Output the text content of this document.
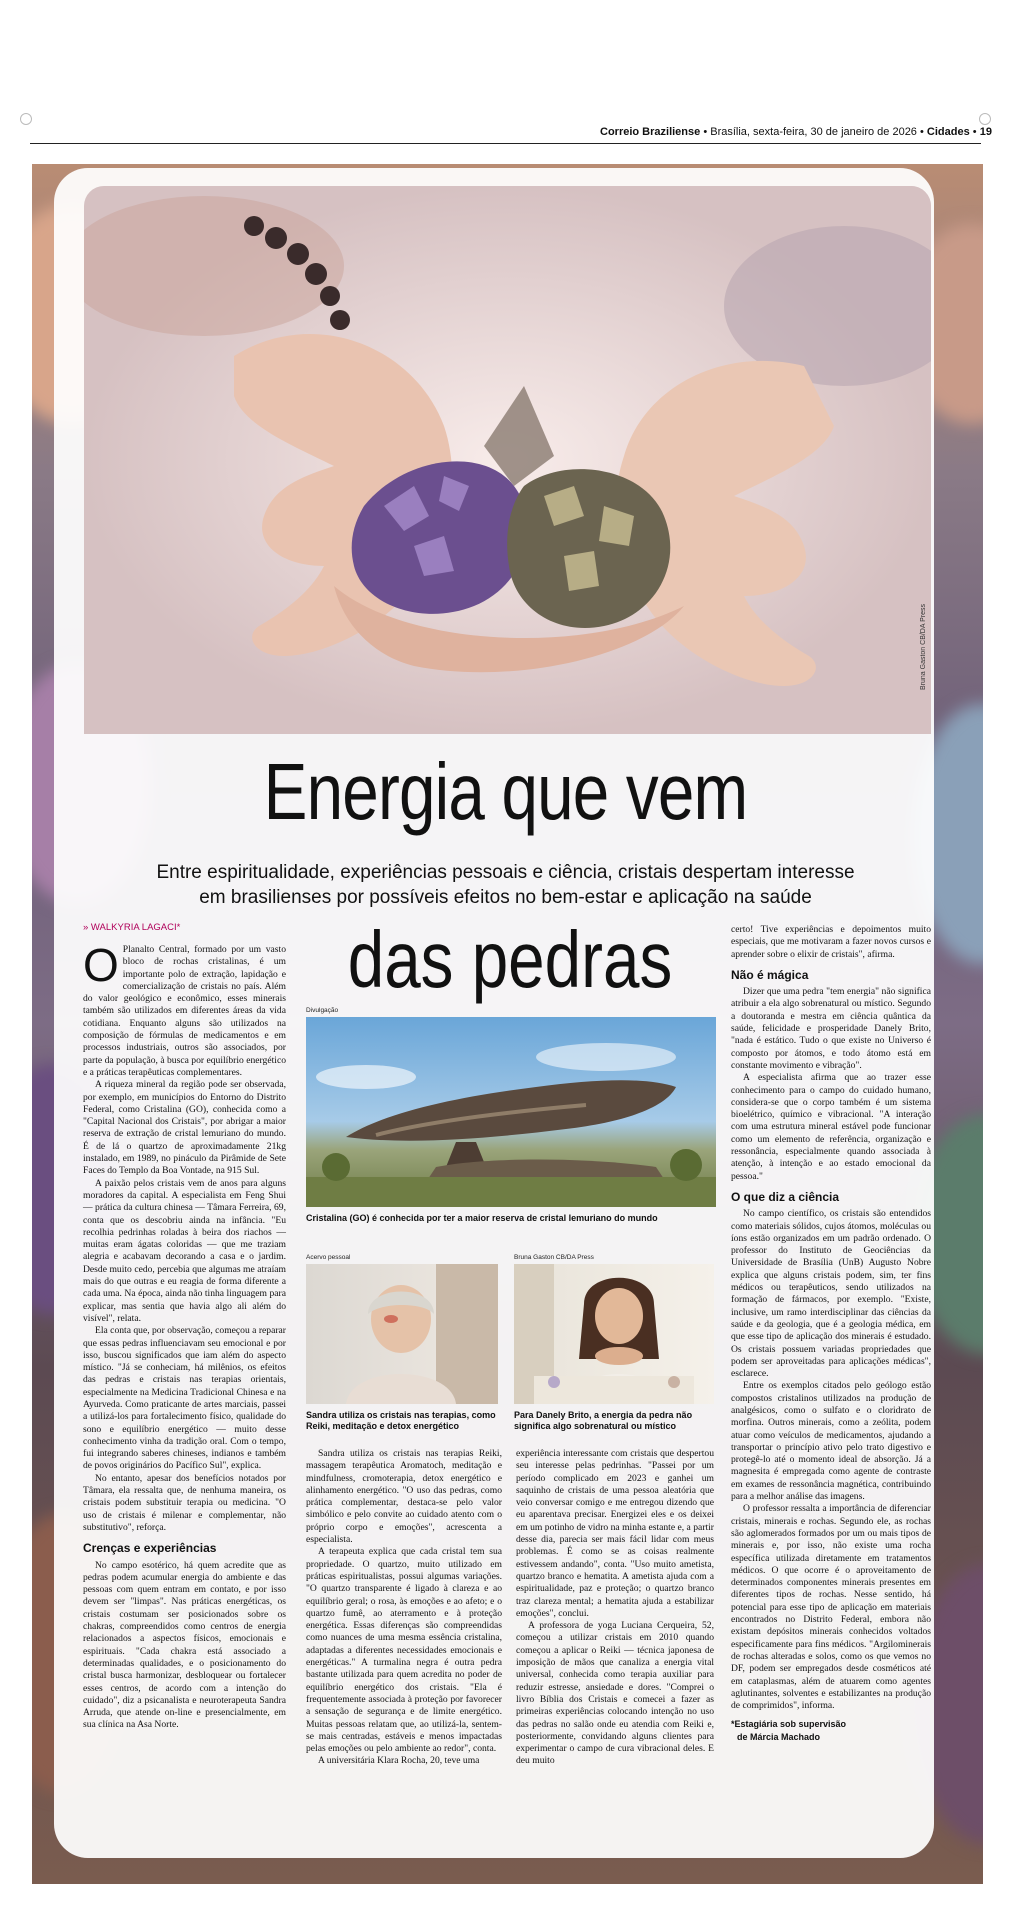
Correio Braziliense • Brasília, sexta-feira, 30 de janeiro de 2026 • Cidades • 19
Bruna Gaston CB/DA Press
Energia que vem
Entre espiritualidade, experiências pessoais e ciência, cristais despertam interesse em brasilienses por possíveis efeitos no bem-estar e aplicação na saúde
das pedras
» WALKYRIA LAGACI*

O Planalto Central, formado por um vasto bloco de rochas cristalinas, é um importante polo de extração, lapidação e comercialização de cristais no país. Além do valor geológico e econômico, esses minerais também são utilizados em diferentes áreas da vida cotidiana. Enquanto alguns são utilizados na composição de fórmulas de medicamentos e em processos industriais, outros são associados, por parte da população, à busca por equilíbrio energético e a práticas terapêuticas complementares.

A riqueza mineral da região pode ser observada, por exemplo, em municípios do Entorno do Distrito Federal, como Cristalina (GO), conhecida como a "Capital Nacional dos Cristais", por abrigar a maior reserva de extração de cristal lemuriano do mundo. É de lá o quartzo de aproximadamente 21kg instalado, em 1989, no pináculo da Pirâmide de Sete Faces do Templo da Boa Vontade, na 915 Sul.

A paixão pelos cristais vem de anos para alguns moradores da capital. A especialista em Feng Shui — prática da cultura chinesa — Tâmara Ferreira, 69, conta que os descobriu ainda na infância. "Eu recolhia pedrinhas roladas à beira dos riachos — muitas eram ágatas coloridas — que me traziam alegria e acabavam decorando a casa e o jardim. Desde muito cedo, percebia que algumas me atraíam mais do que outras e eu reagia de forma diferente a cada uma. Na época, ainda não tinha linguagem para explicar, mas sentia que havia algo ali além do visível", relata.

Ela conta que, por observação, começou a reparar que essas pedras influenciavam seu emocional e por isso, buscou significados que iam além do aspecto místico. "Já se conheciam, há milênios, os efeitos das pedras e cristais nas terapias orientais, especialmente na Medicina Tradicional Chinesa e na Ayurveda. Como praticante de artes marciais, passei a utilizá-los para fortalecimento físico, qualidade do sono e equilíbrio energético — muito desse conhecimento vinha da tradição oral. Com o tempo, fui integrando saberes chineses, indianos e também de povos originários do Pacífico Sul", explica.

No entanto, apesar dos benefícios notados por Tâmara, ela ressalta que, de nenhuma maneira, os cristais podem substituir terapia ou medicina. "O uso de cristais é milenar e complementar, não substitutivo", reforça.

Crenças e experiências

No campo esotérico, há quem acredite que as pedras podem acumular energia do ambiente e das pessoas com quem entram em contato, e por isso devem ser "limpas". Nas práticas energéticas, os cristais costumam ser posicionados sobre os chakras, compreendidos como centros de energia relacionados a aspectos físicos, emocionais e espirituais. "Cada chakra está associado a determinadas qualidades, e o posicionamento do cristal busca harmonizar, desbloquear ou fortalecer esses centros, de acordo com a intenção do cuidado", diz a psicanalista e neuroterapeuta Sandra Arruda, que atende on-line e presencialmente, em sua clínica na Asa Norte.

Divulgação
Cristalina (GO) é conhecida por ter a maior reserva de cristal lemuriano do mundo
Acervo pessoal
Sandra utiliza os cristais nas terapias, como Reiki, meditação e detox energético
Bruna Gaston CB/DA Press
Para Danely Brito, a energia da pedra não significa algo sobrenatural ou místico

Sandra utiliza os cristais nas terapias Reiki, massagem terapêutica Aromatoch, meditação e mindfulness, cromoterapia, detox energético e alinhamento energético. "O uso das pedras, como prática complementar, destaca-se pelo valor simbólico e pelo convite ao cuidado atento com o próprio corpo e emoções", acrescenta a especialista.

A terapeuta explica que cada cristal tem sua propriedade. O quartzo, muito utilizado em práticas espiritualistas, possui algumas variações. "O quartzo transparente é ligado à clareza e ao equilíbrio geral; o rosa, às emoções e ao afeto; e o quartzo fumê, ao aterramento e à proteção energética. Essas diferenças são compreendidas como nuances de uma mesma essência cristalina, adaptadas a diferentes necessidades emocionais e energéticas." A turmalina negra é outra pedra bastante utilizada para quem acredita no poder de equilíbrio energético dos cristais. "Ela é frequentemente associada à proteção por favorecer a sensação de segurança e de limite energético. Muitas pessoas relatam que, ao utilizá-la, sentem-se mais centradas, estáveis e menos impactadas pelas emoções ou pelo ambiente ao redor", conta.

A universitária Klara Rocha, 20, teve uma

experiência interessante com cristais que despertou seu interesse pelas pedrinhas. "Passei por um período complicado em 2023 e ganhei um saquinho de cristais de uma pessoa aleatória que veio conversar comigo e me entregou dizendo que eu aparentava precisar. Energizei eles e os deixei em um potinho de vidro na minha estante e, a partir desse dia, parecia ser mais fácil lidar com meus problemas. É como se as coisas realmente estivessem andando", conta. "Uso muito ametista, quartzo branco e hematita. A ametista ajuda com a espiritualidade, paz e proteção; o quartzo branco traz clareza mental; a hematita ajuda a estabilizar emoções", conclui.

A professora de yoga Luciana Cerqueira, 52, começou a utilizar cristais em 2010 quando começou a aplicar o Reiki — técnica japonesa de imposição de mãos que canaliza a energia vital universal, conhecida como terapia auxiliar para reduzir estresse, ansiedade e dores. "Comprei o livro Bíblia dos Cristais e comecei a fazer as primeiras experiências colocando intenção no uso das pedras no salão onde eu atendia com Reiki e, posteriormente, convidando alguns clientes para experimentar o campo de cura vibracional deles. E deu muito

certo! Tive experiências e depoimentos muito especiais, que me motivaram a fazer novos cursos e aprender sobre o elixir de cristais", afirma.

Não é mágica

Dizer que uma pedra "tem energia" não significa atribuir a ela algo sobrenatural ou místico. Segundo a doutoranda e mestra em ciência quântica da saúde, felicidade e prosperidade Danely Brito, "nada é estático. Tudo o que existe no Universo é composto por átomos, e todo átomo está em constante movimento e vibração".

A especialista afirma que ao trazer esse conhecimento para o campo do cuidado humano, considera-se que o corpo também é um sistema bioelétrico, químico e vibracional. "A interação com uma estrutura mineral estável pode funcionar como um elemento de referência, organização e ressonância, especialmente quando associada à atenção, à intenção e ao estado emocional da pessoa."

O que diz a ciência

No campo científico, os cristais são entendidos como materiais sólidos, cujos átomos, moléculas ou íons estão organizados em um padrão ordenado. O professor do Instituto de Geociências da Universidade de Brasília (UnB) Augusto Nobre explica que alguns cristais podem, sim, ter fins médicos ou terapêuticos, sendo utilizados na formação de fármacos, por exemplo. "Existe, inclusive, um ramo interdisciplinar das ciências da saúde e da geologia, que é a geologia médica, em que esse tipo de aplicação dos minerais é estudado. Os cristais possuem variadas propriedades que podem ser aproveitadas para aplicações médicas", esclarece.

Entre os exemplos citados pelo geólogo estão compostos cristalinos utilizados na produção de analgésicos, como o sulfato e o cloridrato de morfina. Outros minerais, como a zeólita, podem atuar como veículos de medicamentos, ajudando a transportar o princípio ativo pelo trato digestivo e protegê-lo até o momento ideal de absorção. Já a magnesita é empregada como agente de contraste em exames de ressonância magnética, contribuindo para a melhor análise das imagens.

O professor ressalta a importância de diferenciar cristais, minerais e rochas. Segundo ele, as rochas são aglomerados formados por um ou mais tipos de minerais e, por isso, não existe uma rocha específica utilizada diretamente em tratamentos médicos. O que ocorre é o aproveitamento de determinados componentes minerais presentes em diferentes tipos de rochas. Nesse sentido, há potencial para esse tipo de aplicação em materiais encontrados no Distrito Federal, embora não existam depósitos minerais conhecidos voltados especificamente para fins médicos. "Argilominerais de rochas alteradas e solos, como os que vemos no DF, podem ser empregados desde cosméticos até em cataplasmas, além de atuarem como agentes aglutinantes, solventes e estabilizantes na produção de comprimidos", informa.

*Estagiária sob supervisão
de Márcia Machado
